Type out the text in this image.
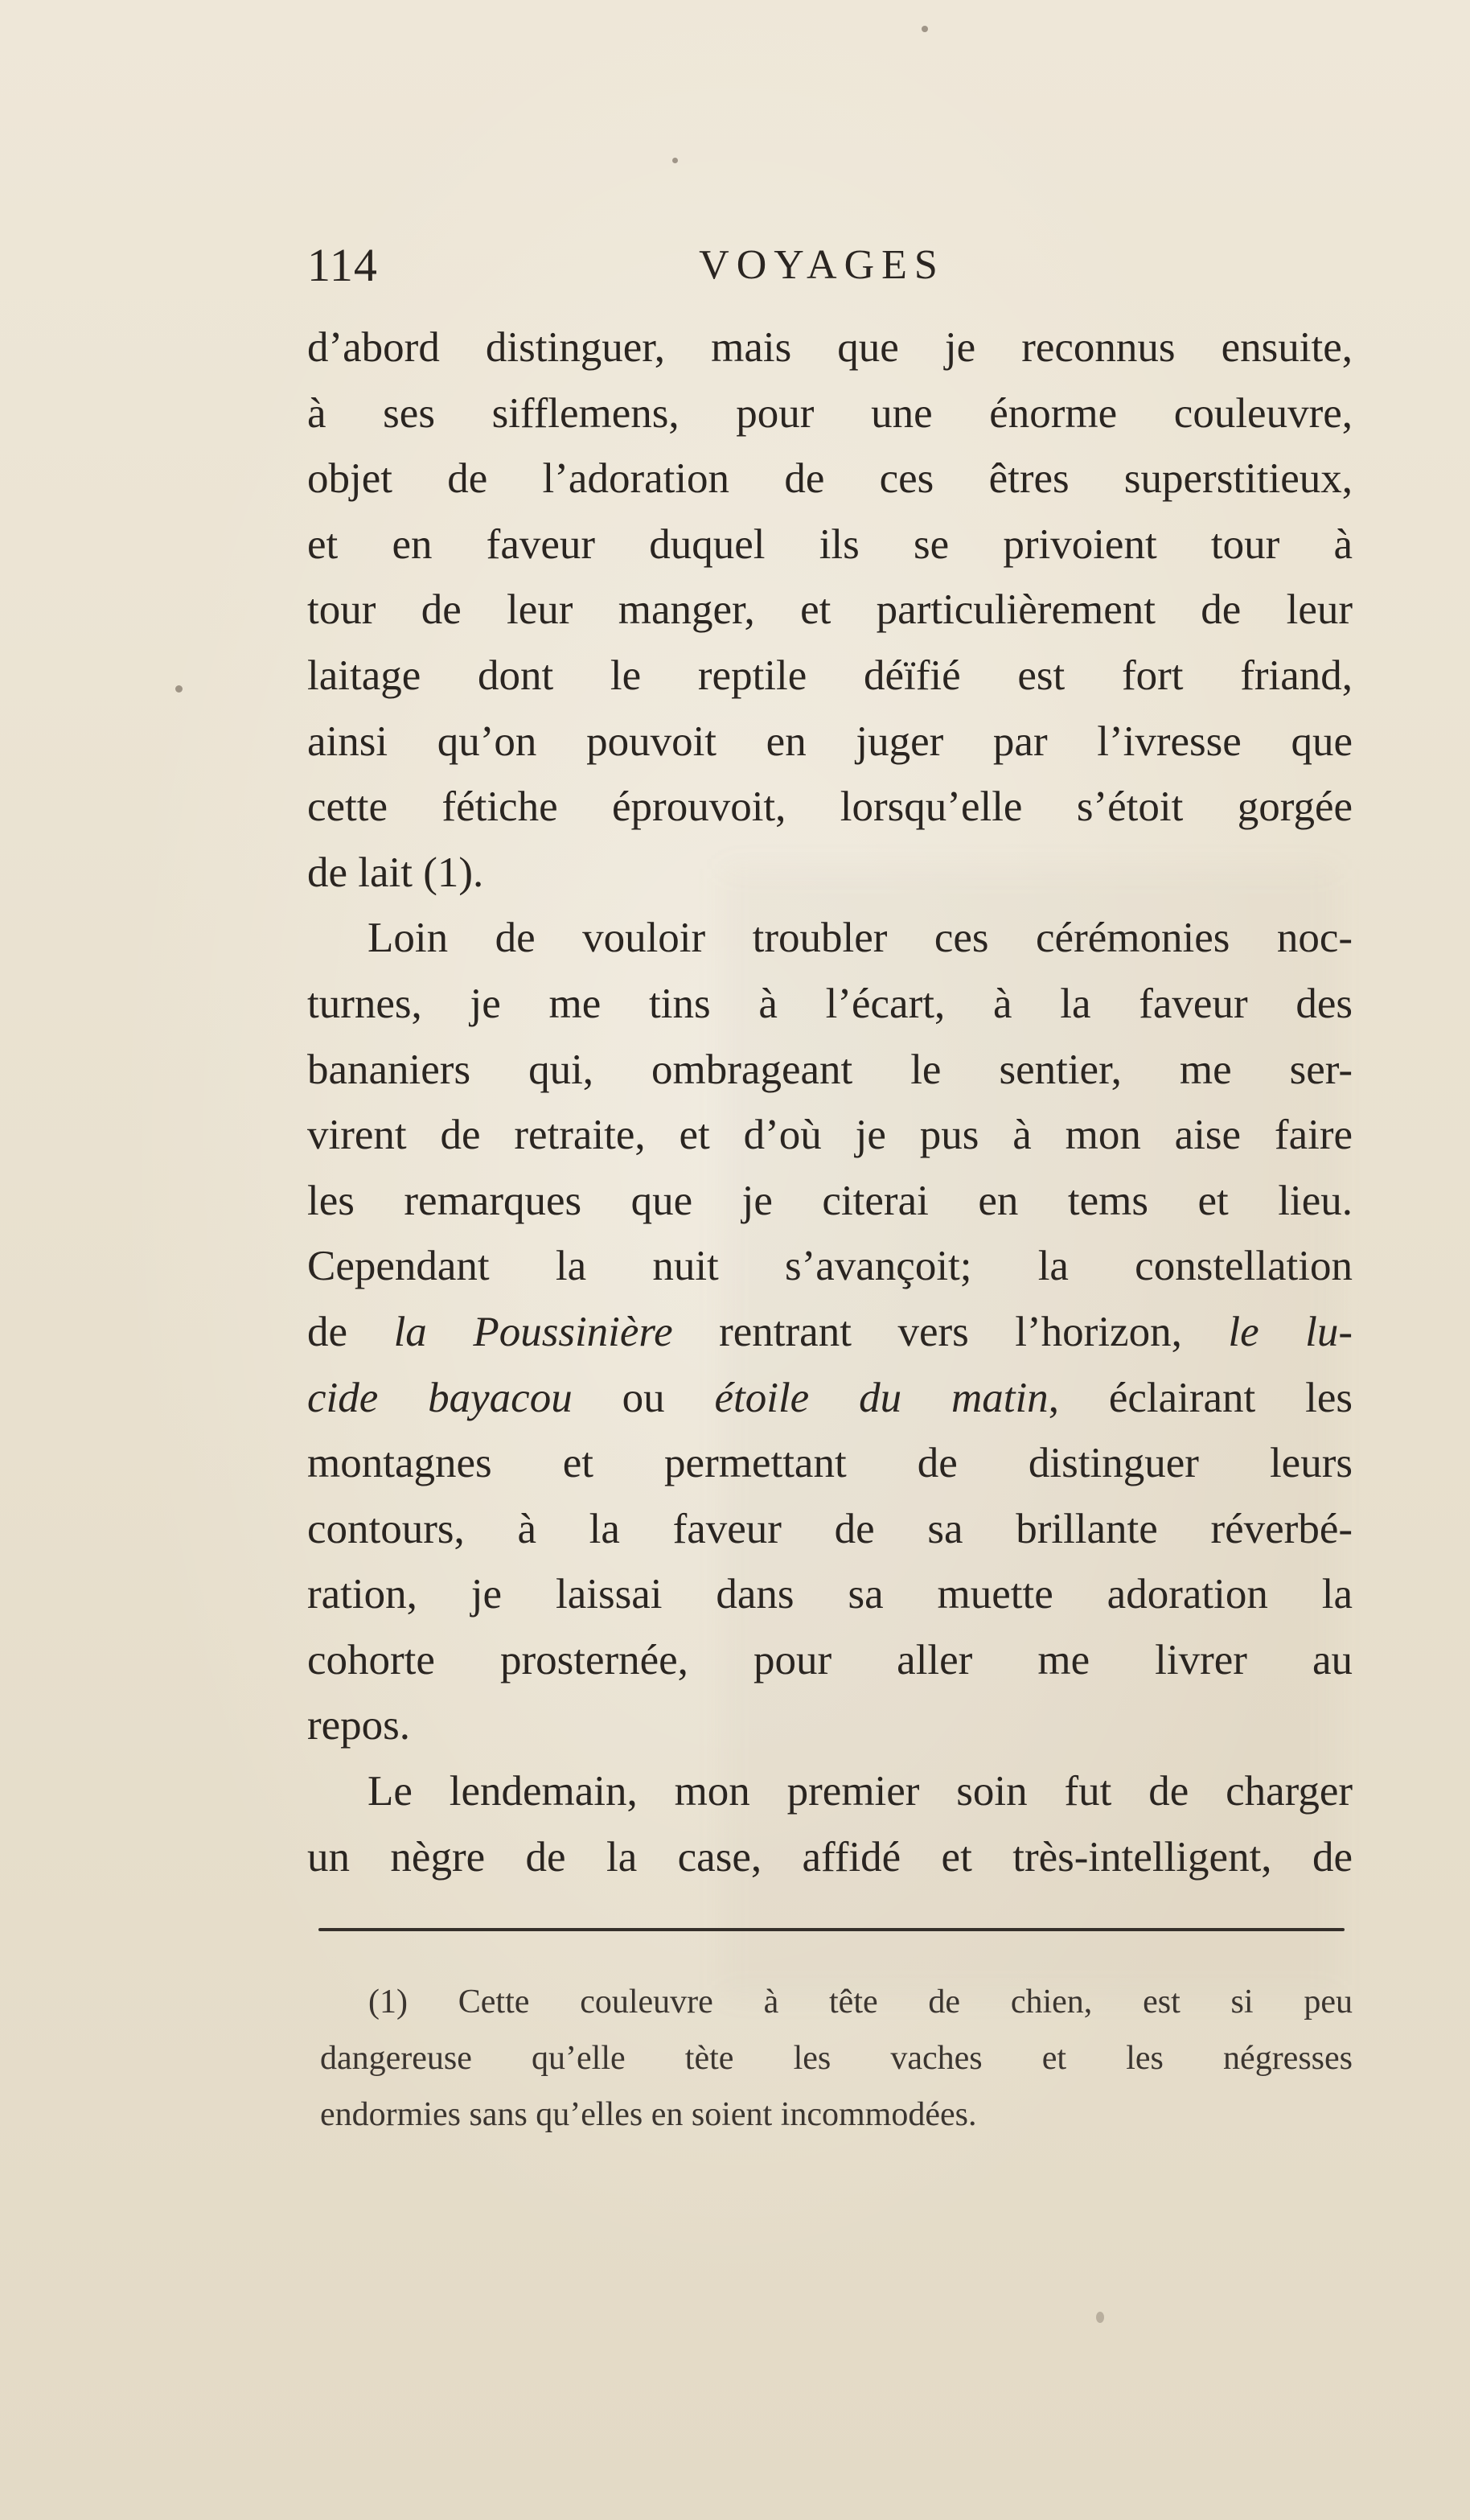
114	VOYAGES
d’abord distinguer, mais que je reconnus ensuite,
à ses sifflemens, pour une énorme couleuvre,
objet de l’adoration de ces êtres superstitieux,
et en faveur duquel ils se privoient tour à
tour de leur manger, et particulièrement de leur
laitage dont le reptile déïfié est fort friand,
ainsi qu’on pouvoit en juger par l’ivresse que
cette fétiche éprouvoit, lorsqu’elle s’étoit gorgée
de lait (1).
Loin de vouloir troubler ces cérémonies noc-
turnes, je me tins à l’écart, à la faveur des
bananiers qui, ombrageant le sentier, me ser-
virent de retraite, et d’où je pus à mon aise faire
les remarques que je citerai en tems et lieu.
Cependant la nuit s’avançoit; la constellation
de la Poussinière rentrant vers l’horizon, le lu-
cide bayacou ou étoile du matin, éclairant les
montagnes et permettant de distinguer leurs
contours, à la faveur de sa brillante réverbé-
ration, je laissai dans sa muette adoration la
cohorte prosternée, pour aller me livrer au
repos.
Le lendemain, mon premier soin fut de charger
un nègre de la case, affidé et très-intelligent, de
(1) Cette couleuvre à tête de chien, est si peu
dangereuse qu’elle tète les vaches et les négresses
endormies sans qu’elles en soient incommodées.
